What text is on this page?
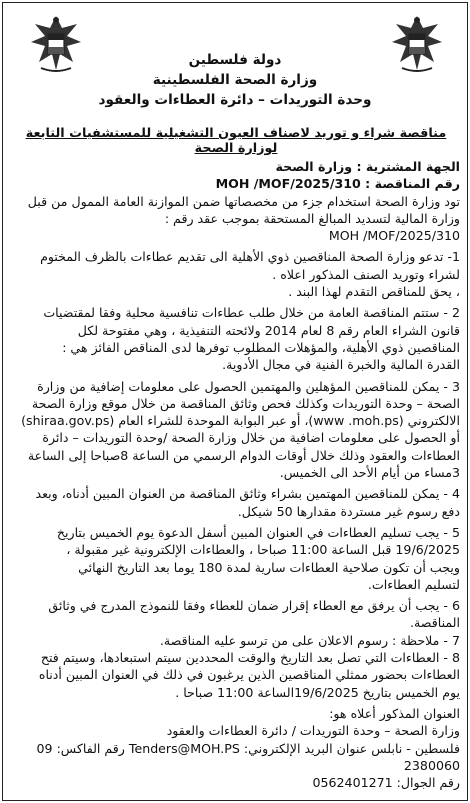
دولة فلسطين
وزارة الصحة الفلسطينية
وحدة التوريدات – دائرة العطاءات والعقود
مناقصة شراء و توريد لاصناف العيون التشغيلية للمستشفيات التابعة لوزارة الصحة

الجهة المشترية : وزارة الصحة

رقم المناقصة : MOH /MOF/2025/310

تود وزارة الصحة استخدام جزء من مخصصاتها ضمن الموازنة العامة الممول من قبل

وزارة المالية لتسديد المبالغ المستحقة بموجب عقد رقم :

MOH /MOF/2025/310

1- تدعو وزارة الصحة المناقصين ذوي الأهلية الى تقديم عطاءات بالظرف المختوم

لشراء وتوريد الصنف المذكور اعلاه .

، يحق للمناقص التقدم لهذا البند .

2 - ستتم المناقصة العامة من خلال طلب عطاءات تنافسية محلية وفقا لمقتضيات

قانون الشراء العام رقم 8 لعام 2014 ولائحته التنفيذية ، وهي مفتوحة لكل

المناقصين ذوي الأهلية، والمؤهلات المطلوب توفرها لدى المناقص الفائز هي :

القدرة المالية والخبرة الفنية في مجال الأدوية.

3 - يمكن للمناقصين المؤهلين والمهتمين الحصول على معلومات إضافية من وزارة

الصحة – وحدة التوريدات وكذلك فحص وثائق المناقصة من خلال موقع وزارة الصحة

الالكتروني (www .moh.ps)، أو عبر البوابة الموحدة للشراء العام (shiraa.gov.ps)

أو الحصول على معلومات اضافية من خلال وزارة الصحة /وحدة التوريدات – دائرة

العطاءات والعقود وذلك خلال أوقات الدوام الرسمي من الساعة 8صباحا إلى الساعة

3مساء من أيام الأحد الى الخميس.

4 - يمكن للمناقصين المهتمين بشراء وثائق المناقصة من العنوان المبين أدناه، وبعد

دفع رسوم غير مستردة مقدارها 50 شيكل.

5 - يجب تسليم العطاءات في العنوان المبين أسفل الدعوة يوم الخميس بتاريخ

19/6/2025 قبل الساعة 11:00 صباحا ، والعطاءات الإلكترونية غير مقبولة ،

ويجب أن تكون صلاحية العطاءات سارية لمدة 180 يوما بعد التاريخ النهائي

لتسليم العطاءات.

6 - يجب أن يرفق مع العطاء إقرار ضمان للعطاء وفقا للنموذج المدرج في وثائق المناقصة.

7 - ملاحظة : رسوم الاعلان على من ترسو عليه المناقصة.

8 - العطاءات التي تصل بعد التاريخ والوقت المحددين سيتم استبعادها، وسيتم فتح

العطاءات بحضور ممثلي المناقصين الذين يرغبون في ذلك في العنوان المبين أدناه

يوم الخميس بتاريخ 19/6/2025الساعة 11:00 صباحا .

العنوان المذكور أعلاه هو:

وزارة الصحة – وحدة التوريدات / دائرة العطاءات والعقود

فلسطين - نابلس عنوان البريد الإلكتروني: Tenders@MOH.PS رقم الفاكس: 09 2380060

رقم الجوال: 0562401271
